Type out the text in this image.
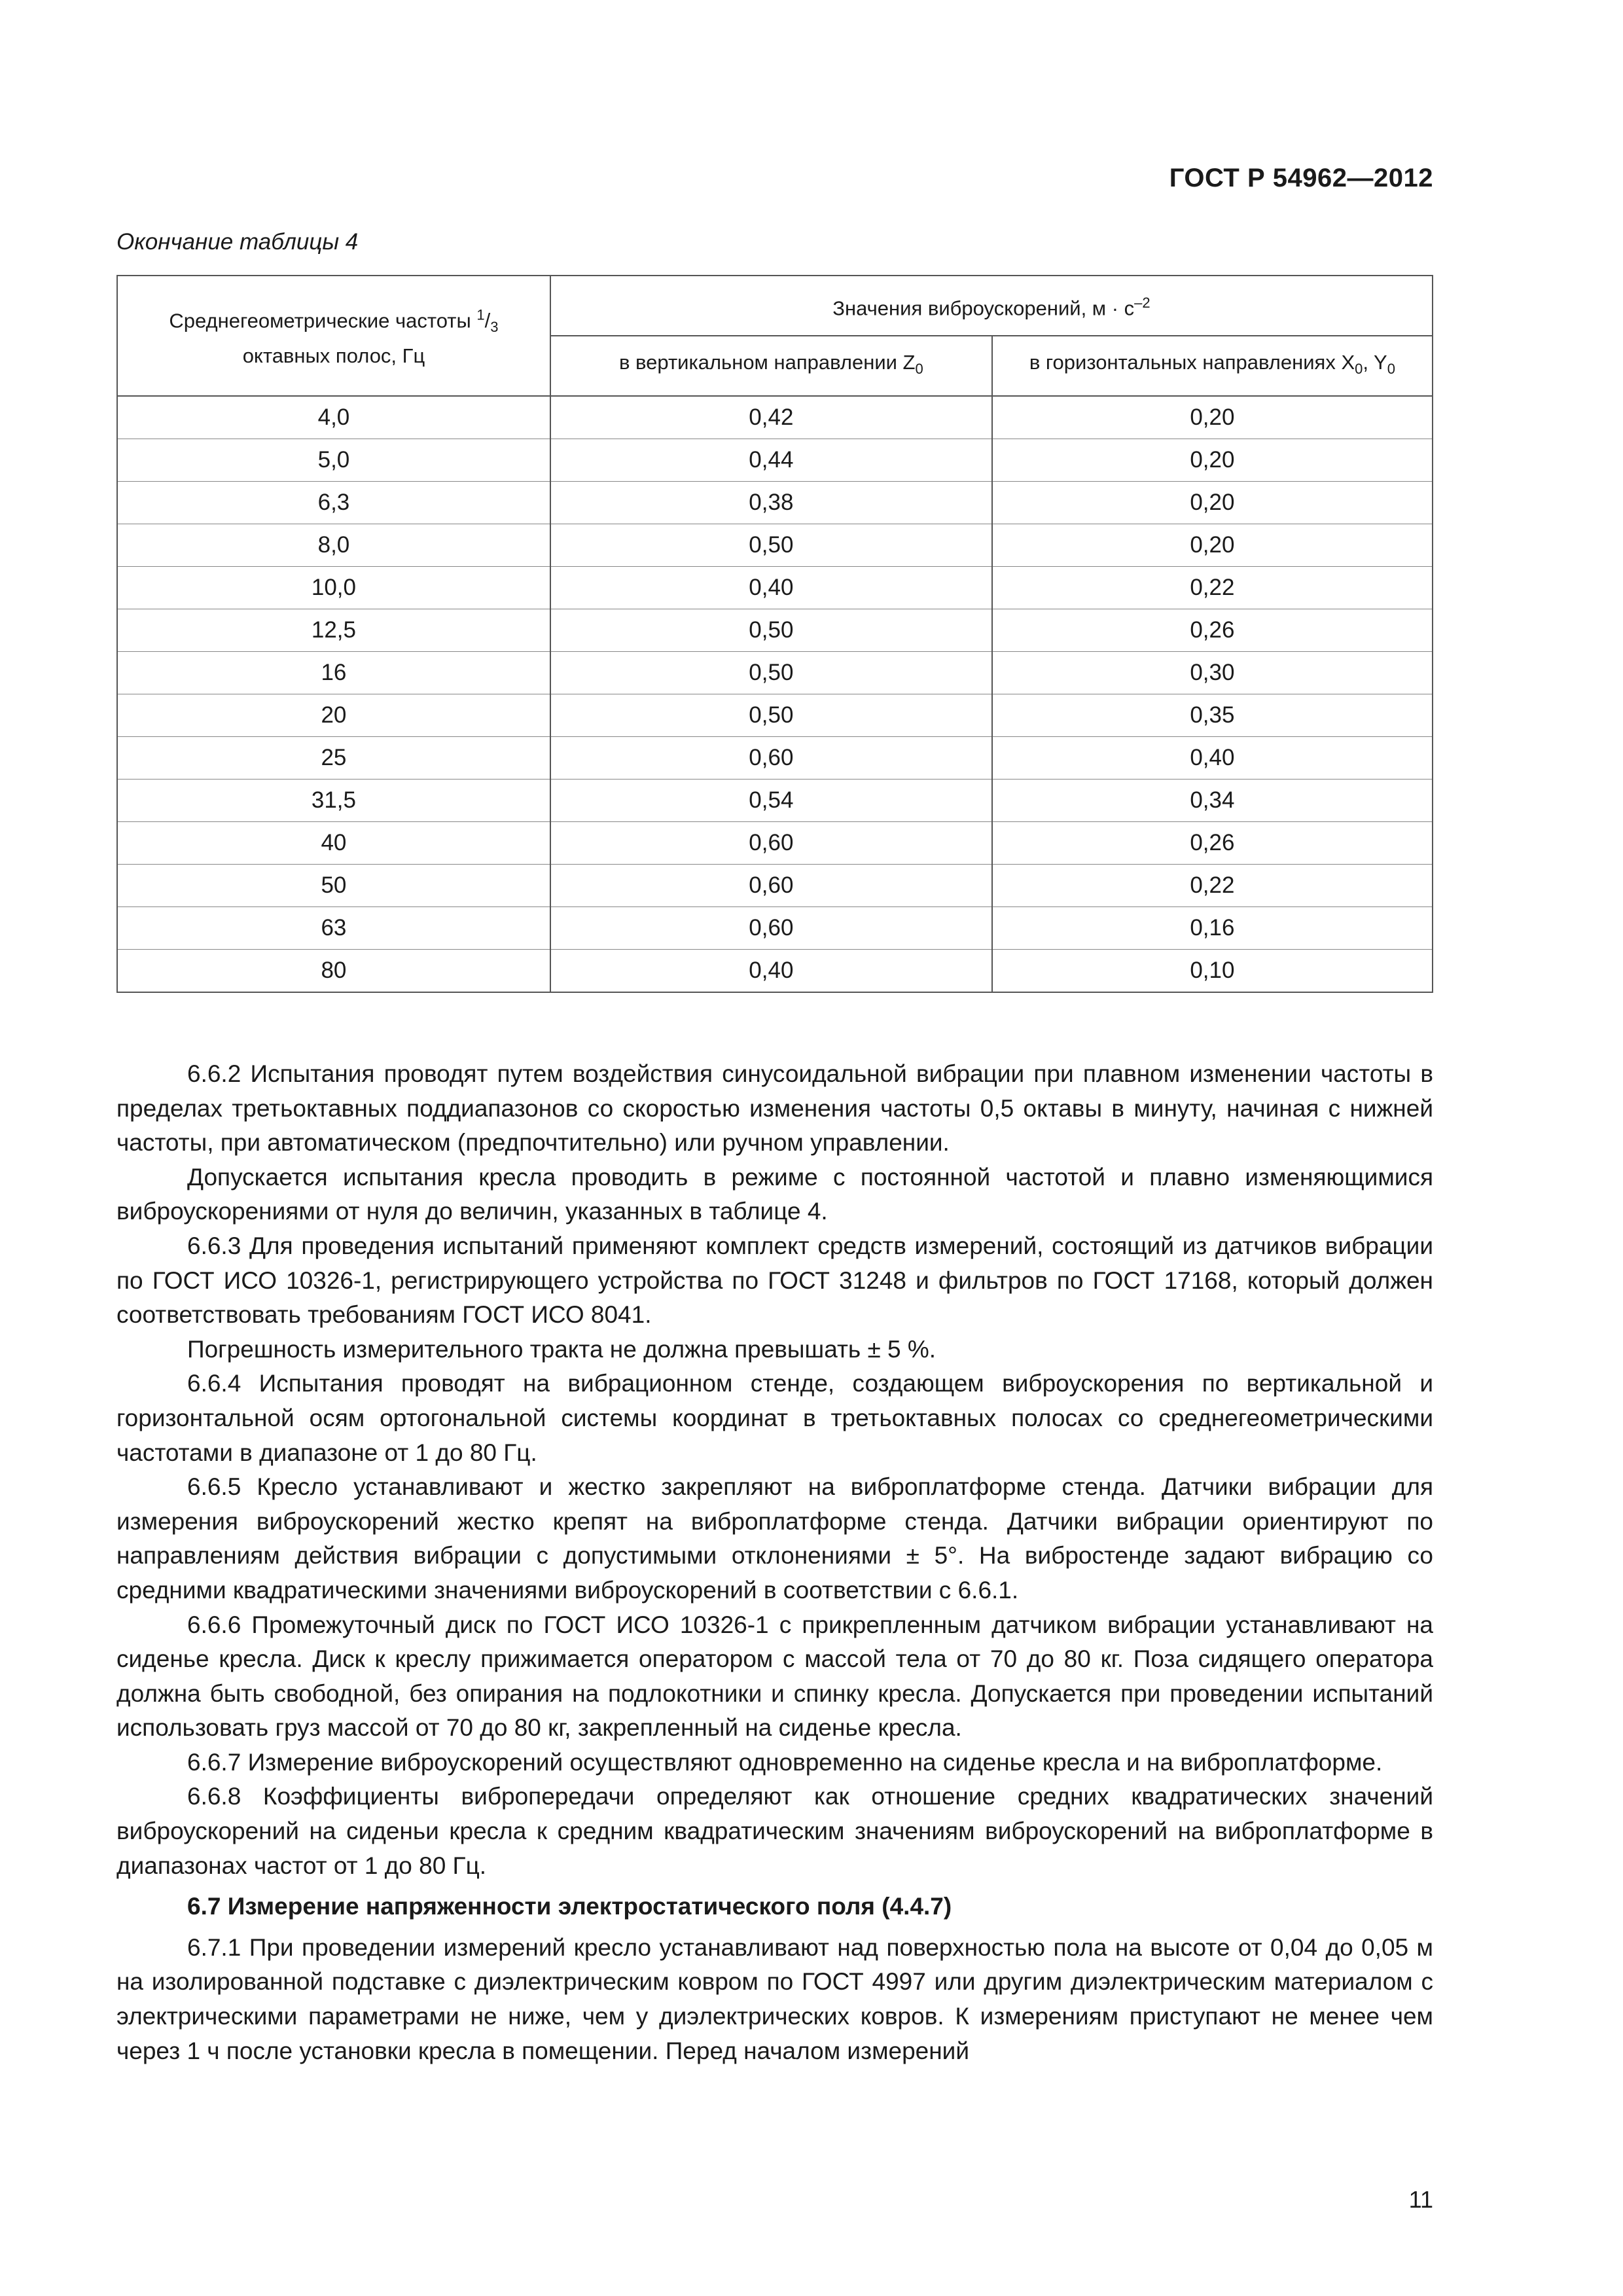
ГОСТ Р 54962—2012
Окончание таблицы 4
Среднегеометрические частоты $^1/_3$
октавных полос, Гц	Значения виброускорений, $м \cdot с^{-2}$
	в вертикальном направлении $Z_0$	в горизонтальных направлениях $X_0$, $Y_0$
4,0	0,42	0,20
5,0	0,44	0,20
6,3	0,38	0,20
8,0	0,50	0,20
10,0	0,40	0,22
12,5	0,50	0,26
16	0,50	0,30
20	0,50	0,35
25	0,60	0,40
31,5	0,54	0,34
40	0,60	0,26
50	0,60	0,22
63	0,60	0,16
80	0,40	0,10

6.6.2 Испытания проводят путем воздействия синусоидальной вибрации при плавном изменении частоты в пределах третьоктавных поддиапазонов со скоростью изменения частоты 0,5 октавы в минуту, начиная с нижней частоты, при автоматическом (предпочтительно) или ручном управлении.

Допускается испытания кресла проводить в режиме с постоянной частотой и плавно изменяющимися виброускорениями от нуля до величин, указанных в таблице 4.

6.6.3 Для проведения испытаний применяют комплект средств измерений, состоящий из датчиков вибрации по ГОСТ ИСО 10326-1, регистрирующего устройства по ГОСТ 31248 и фильтров по ГОСТ 17168, который должен соответствовать требованиям ГОСТ ИСО 8041.

Погрешность измерительного тракта не должна превышать ± 5 %.

6.6.4 Испытания проводят на вибрационном стенде, создающем виброускорения по вертикальной и горизонтальной осям ортогональной системы координат в третьоктавных полосах со среднегеометрическими частотами в диапазоне от 1 до 80 Гц.

6.6.5 Кресло устанавливают и жестко закрепляют на виброплатформе стенда. Датчики вибрации для измерения виброускорений жестко крепят на виброплатформе стенда. Датчики вибрации ориентируют по направлениям действия вибрации с допустимыми отклонениями ± 5°. На вибростенде задают вибрацию со средними квадратическими значениями виброускорений в соответствии с 6.6.1.

6.6.6 Промежуточный диск по ГОСТ ИСО 10326-1 с прикрепленным датчиком вибрации устанавливают на сиденье кресла. Диск к креслу прижимается оператором с массой тела от 70 до 80 кг. Поза сидящего оператора должна быть свободной, без опирания на подлокотники и спинку кресла. Допускается при проведении испытаний использовать груз массой от 70 до 80 кг, закрепленный на сиденье кресла.

6.6.7 Измерение виброускорений осуществляют одновременно на сиденье кресла и на виброплатформе.

6.6.8 Коэффициенты вибропередачи определяют как отношение средних квадратических значений виброускорений на сиденьи кресла к средним квадратическим значениям виброускорений на виброплатформе в диапазонах частот от 1 до 80 Гц.

6.7 Измерение напряженности электростатического поля (4.4.7)

6.7.1 При проведении измерений кресло устанавливают над поверхностью пола на высоте от 0,04 до 0,05 м на изолированной подставке с диэлектрическим ковром по ГОСТ 4997 или другим диэлектрическим материалом с электрическими параметрами не ниже, чем у диэлектрических ковров. К измерениям приступают не менее чем через 1 ч после установки кресла в помещении. Перед началом измерений

11
